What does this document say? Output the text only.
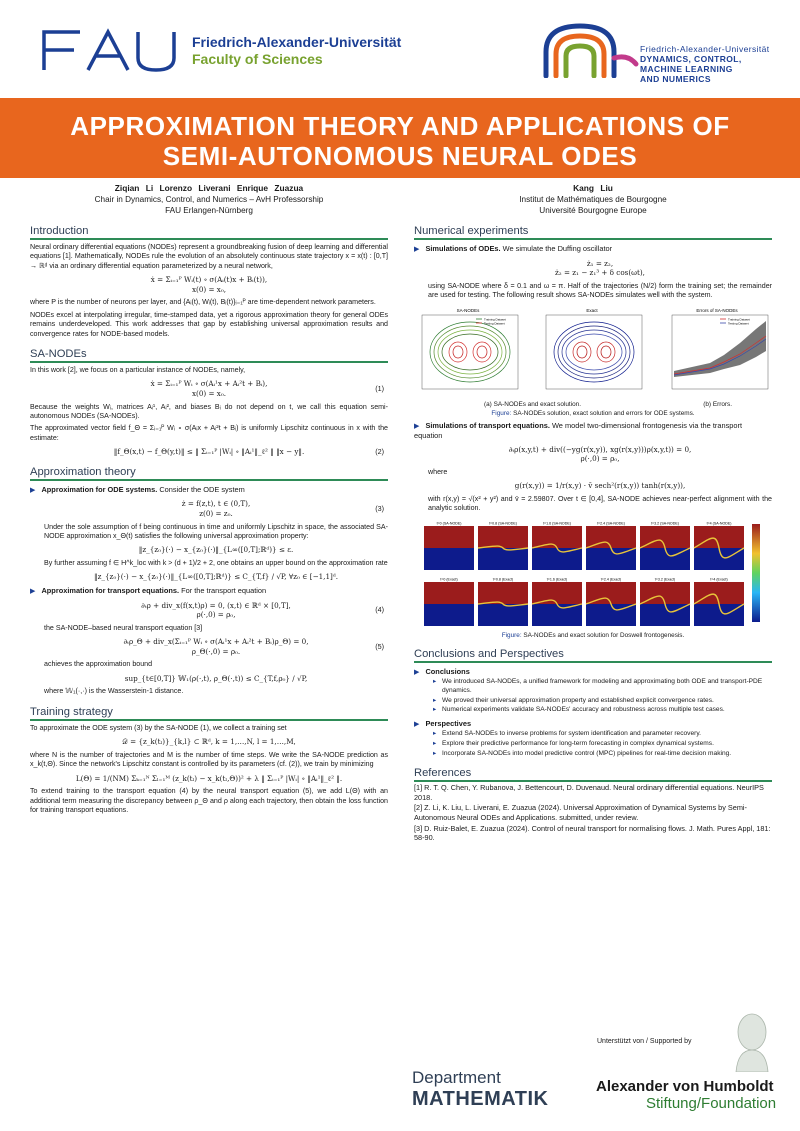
Friedrich-Alexander-Universität
Faculty of Sciences
Friedrich-Alexander-Universität
DYNAMICS, CONTROL,
MACHINE LEARNING
AND NUMERICS
APPROXIMATION THEORY AND APPLICATIONS OF
SEMI-AUTONOMOUS NEURAL ODES
Ziqian Li Lorenzo Liverani Enrique Zuazua
Chair in Dynamics, Control, and Numerics – AvH Professorship
FAU Erlangen-Nürnberg
Introduction

Neural ordinary differential equations (NODEs) represent a groundbreaking fusion of deep learning and differential equations [1]. Mathematically, NODEs rule the evolution of an absolutely continuous state trajectory x = x(t) : [0,T] → ℝᵈ via an ordinary differential equation parameterized by a neural network,

ẋ = Σᵢ₌₁ᴾ Wᵢ(t) ∘ σ(Aᵢ(t)x + Bᵢ(t)),
x(0) = x₀,

where P is the number of neurons per layer, and {Aᵢ(t), Wᵢ(t), Bᵢ(t)}ᵢ₌₁ᴾ are time-dependent network parameters.

NODEs excel at interpolating irregular, time-stamped data, yet a rigorous approximation theory for general ODEs remains underdeveloped. This work addresses that gap by establishing universal approximation results and convergence rates for NODE-based models.

SA-NODEs

In this work [2], we focus on a particular instance of NODEs, namely,

ẋ = Σᵢ₌₁ᴾ Wᵢ ∘ σ(Aᵢ¹x + Aᵢ²t + Bᵢ),
x(0) = x₀.
(1)

Because the weights Wᵢ, matrices Aᵢ¹, Aᵢ², and biases Bᵢ do not depend on t, we call this equation semi-autonomous NODEs (SA-NODEs).

The approximated vector field f_Θ = Σᵢ₌₁ᴾ Wᵢ ∘ σ(Aᵢx + Aᵢ²t + Bᵢ) is uniformly Lipschitz continuous in x with the estimate:

‖f_Θ(x,t) − f_Θ(y,t)‖ ≤ ‖ Σᵢ₌₁ᴾ |Wᵢ| ∘ ‖Aᵢ¹‖_ℓ² ‖ ‖x − y‖.	(2)
Approximation theory
▶ Approximation for ODE systems. Consider the ODE system
ż = f(z,t), t ∈ (0,T),
z(0) = z₀.
(3)

Under the sole assumption of f being continuous in time and uniformly Lipschitz in space, the associated SA-NODE approximation x_Θ(t) satisfies the following universal approximation property:

‖z_{z₀}(·) − x_{z₀}(·)‖_{L∞([0,T];ℝᵈ)} ≤ ε.

By further assuming f ∈ H^k_loc with k > (d + 1)/2 + 2, one obtains an upper bound on the approximation rate

‖z_{z₀}(·) − x_{z₀}(·)‖_{L∞([0,T];ℝᵈ)} ≤ C_{T,f} / √P, ∀z₀ ∈ [−1,1]ᵈ.
▶ Approximation for transport equations. For the transport equation
∂ₜρ + div_x(f(x,t)ρ) = 0, (x,t) ∈ ℝᵈ × [0,T],
ρ(·,0) = ρ₀,
(4)

the SA-NODE–based neural transport equation [3]

∂ₜρ_Θ + div_x(Σᵢ₌₁ᴾ Wᵢ ∘ σ(Aᵢ¹x + Aᵢ²t + Bᵢ)ρ_Θ) = 0,
ρ_Θ(·,0) = ρ₀.
(5)

achieves the approximation bound

sup_{t∈[0,T]} 𝕎₁(ρ(·,t), ρ_Θ(·,t)) ≤ C_{T,f,ρ₀} / √P,

where 𝕎₁(·,·) is the Wasserstein-1 distance.

Training strategy

To approximate the ODE system (3) by the SA-NODE (1), we collect a training set

𝒟 = {z_k(tₗ)}_{k,l} ⊂ ℝᵈ, k = 1,…,N, l = 1,…,M,

where N is the number of trajectories and M is the number of time steps. We write the SA-NODE prediction as x_k(t,Θ). Since the network's Lipschitz constant is controlled by its parameters (cf. (2)), we train by minimizing

L(Θ) = 1/(NM) Σₖ₌₁ᴺ Σₗ₌₁ᴹ (z_k(tₗ) − x_k(tₗ,Θ))² + λ ‖ Σᵢ₌₁ᴾ |Wᵢ| ∘ ‖Aᵢ¹‖_ℓ² ‖.

To extend training to the transport equation (4) by the neural transport equation (5), we add L(Θ) with an additional term measuring the discrepancy between ρ_Θ and ρ along each trajectory, then obtain the loss function for training transport equations.

Kang Liu
Institut de Mathématiques de Bourgogne
Université Bourgogne Europe
Numerical experiments
▶ Simulations of ODEs. We simulate the Duffing oscillator
ż₁ = z₂,
ż₂ = z₁ − z₁³ + δ cos(ωt),

using SA-NODE where δ = 0.1 and ω = π. Half of the trajectories (N/2) form the training set; the remainder are used for testing. The following result shows SA-NODEs simulates well with the system.

SA-NODEs
Training Dataset
Testing Dataset
Exact	Errors of SA-NODEs
Training Dataset
Testing Dataset
(a) SA-NODEs and exact solution.	(b) Errors.
Figure: SA-NODEs solution, exact solution and errors for ODE systems.
▶ Simulations of transport equations. We model two-dimensional frontogenesis via the transport equation
∂ₜρ(x,y,t) + div((−yg(r(x,y)), xg(r(x,y)))ρ(x,y,t)) = 0,
ρ(·,0) = ρ₀,

where

g(r(x,y)) = 1/r(x,y) · v̄ sech²(r(x,y)) tanh(r(x,y)),

with r(x,y) = √(x² + y²) and v̄ = 2.59807. Over t ∈ [0,4], SA-NODE achieves near-perfect alignment with the analytic solution.

t=0 (SA-NODE)	t=0.8 (SA-NODE)	t=1.6 (SA-NODE)	t=2.4 (SA-NODE)	t=3.2 (SA-NODE)	t=4 (SA-NODE)
t=0 (Exact)	t=0.8 (Exact)	t=1.6 (Exact)	t=2.4 (Exact)	t=3.2 (Exact)	t=4 (Exact)
Figure: SA-NODEs and exact solution for Doswell frontogenesis.
Conclusions and Perspectives
▶ Conclusions
▸ We introduced SA-NODEs, a unified framework for modeling and approximating both ODE and transport-PDE dynamics.
▸ We proved their universal approximation property and established explicit convergence rates.
▸ Numerical experiments validate SA-NODEs' accuracy and robustness across multiple test cases.
▶ Perspectives
▸ Extend SA-NODEs to inverse problems for system identification and parameter recovery.
▸ Explore their predictive performance for long-term forecasting in complex dynamical systems.
▸ Incorporate SA-NODEs into model predictive control (MPC) pipelines for real-time decision making.
References

[1] R. T. Q. Chen, Y. Rubanova, J. Bettencourt, D. Duvenaud. Neural ordinary differential equations. NeurIPS 2018.

[2] Z. Li, K. Liu, L. Liverani, E. Zuazua (2024). Universal Approximation of Dynamical Systems by Semi-Autonomous Neural ODEs and Applications. submitted, under review.

[3] D. Ruiz-Balet, E. Zuazua (2024). Control of neural transport for normalising flows. J. Math. Pures Appl, 181: 58-90.

Unterstützt von / Supported by
Department
MATHEMATIK
Alexander von Humboldt
Stiftung/Foundation
